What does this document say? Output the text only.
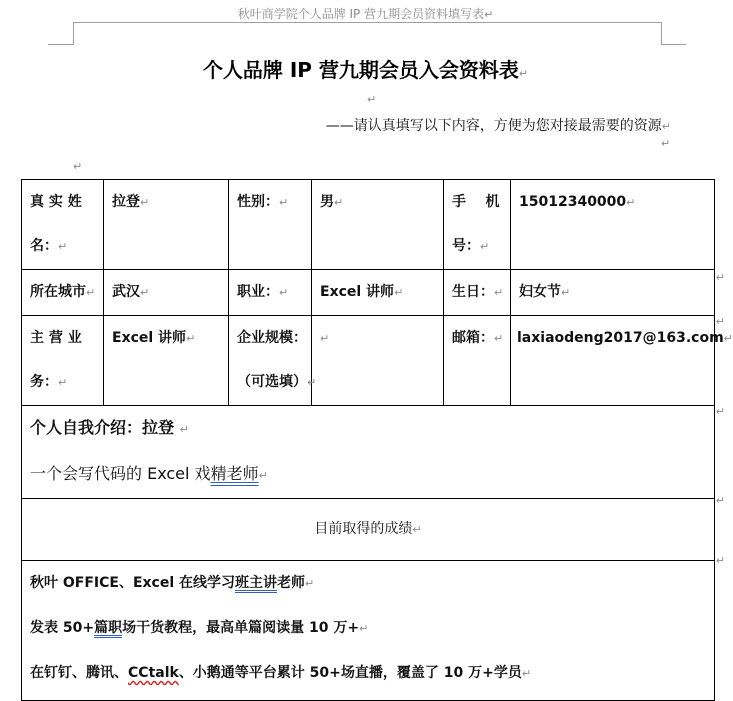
秋叶商学院个人品牌 IP 营九期会员资料填写表↵
个人品牌 IP 营九期会员入会资料表↵
↵
——请认真填写以下内容，方便为您对接最需要的资源↵
↵
↵
真 实 姓
名：↵	拉登↵	性别：↵	男↵	手    机
号：↵	15012340000↵

所在城市↵	武汉↵	职业：↵	Excel 讲师↵	生日：↵	妇女节↵

主 营 业
务：↵	Excel 讲师↵	企业规模：
（可选填）↵	↵	邮箱：↵	laxiaodeng2017@163.com↵

个人自我介绍：拉登 ↵
一个会写代码的 Excel 戏精老师↵					

目前取得的成绩↵					

秋叶 OFFICE、Excel 在线学习班主讲老师↵
发表 50+篇职场干货教程，最高单篇阅读量 10 万+↵
在钉钉、腾讯、CCtalk、小鹅通等平台累计 50+场直播，覆盖了 10 万+学员↵					
↵
↵
↵
↵
↵
